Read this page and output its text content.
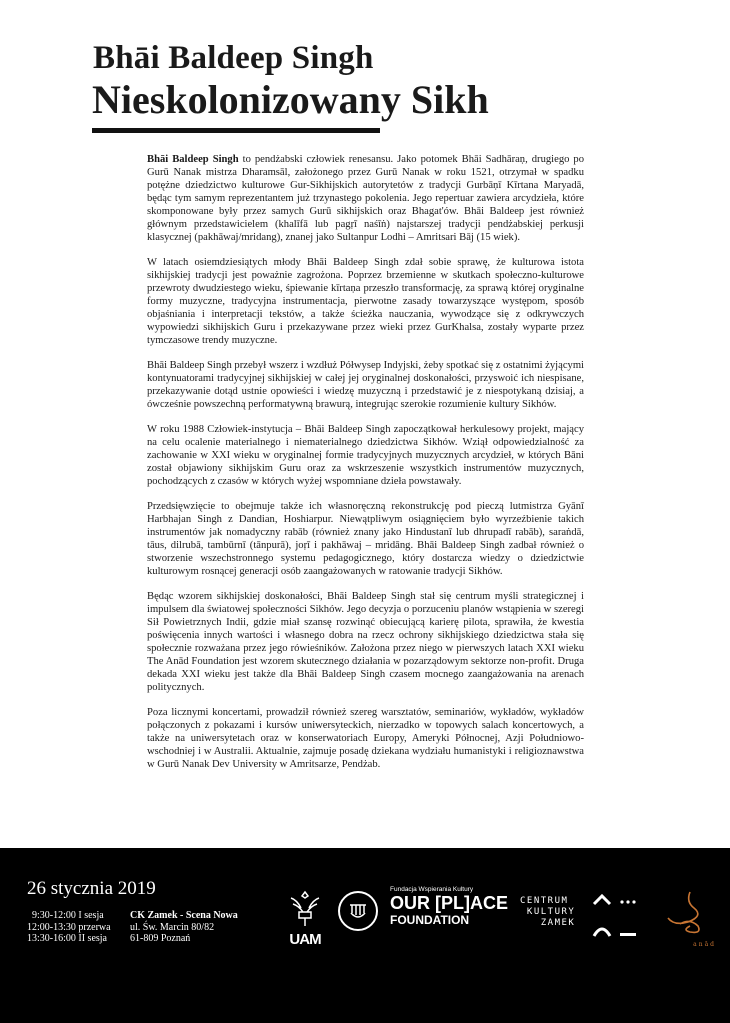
Bhāi Baldeep Singh
Nieskolonizowany Sikh

Bhāi Baldeep Singh to pendżabski człowiek renesansu. Jako potomek Bhāi Sadhāraṇ, drugiego po Gurū Nanak mistrza Dharamsāl, założonego przez Gurū Nanak w roku 1521, otrzymał w spadku potężne dziedzictwo kulturowe Gur-Sikhijskich autorytetów z tradycji Gurbāṇī Kīrtana Maryadā, będąc tym samym reprezentantem już trzynastego pokolenia. Jego repertuar zawiera arcydzieła, które skomponowane były przez samych Gurū sikhijskich oraz Bhagat'ów. Bhāi Baldeep jest również głównym przedstawicielem (khalīfā lub pagṛī naśīṅ) najstarszej tradycji pendżabskiej perkusji klasycznej (pakhāwaj/mridang), znanej jako Sultanpur Lodhi – Amritsari Bāj (15 wiek).

W latach osiemdziesiątych młody Bhāi Baldeep Singh zdał sobie sprawę, że kulturowa istota sikhijskiej tradycji jest poważnie zagrożona. Poprzez brzemienne w skutkach społeczno-kulturowe przewroty dwudziestego wieku, śpiewanie kīrtaṇa przeszło transformację, za sprawą której oryginalne formy muzyczne, tradycyjna instrumentacja, pierwotne zasady towarzyszące występom, sposób objaśniania i interpretacji tekstów, a także ścieżka nauczania, wywodzące się z odkrywczych wypowiedzi sikhijskich Guru i przekazywane przez wieki przez GurKhalsa, zostały wyparte przez tymczasowe trendy muzyczne.

Bhāi Baldeep Singh przebył wszerz i wzdłuż Półwysep Indyjski, żeby spotkać się z ostatnimi żyjącymi kontynuatorami tradycyjnej sikhijskiej w całej jej oryginalnej doskonałości, przyswoić ich niespisane, przekazywanie dotąd ustnie opowieści i wiedzę muzyczną i przedstawić je z niespotykaną dzisiaj, a ówcześnie powszechną performatywną brawurą, integrując szerokie rozumienie kultury Sikhów.

W roku 1988 Człowiek-instytucja – Bhāi Baldeep Singh zapoczątkował herkulesowy projekt, mający na celu ocalenie materialnego i niematerialnego dziedzictwa Sikhów. Wziął odpowiedzialność za zachowanie w XXI wieku w oryginalnej formie tradycyjnych muzycznych arcydzieł, w których Bāni został objawiony sikhijskim Guru oraz za wskrzeszenie wszystkich instrumentów muzycznych, pochodzących z czasów w których wyżej wspomniane dzieła powstawały.

Przedsięwzięcie to obejmuje także ich własnoręczną rekonstrukcję pod pieczą lutmistrza Gyānī Harbhajan Singh z Dandian, Hoshiarpur. Niewątpliwym osiągnięciem było wyrzeźbienie takich instrumentów jak nomadyczny rabāb (również znany jako Hindustanī lub dhrupadī rabāb), saraṅdā, tāus, dilrubā, tambūrnī (tānpurā), joṛī i pakhāwaj – mridāng. Bhāi Baldeep Singh zadbał również o stworzenie wszechstronnego systemu pedagogicznego, który dostarcza wiedzy o dziedzictwie kulturowym rosnącej generacji osób zaangażowanych w ratowanie tradycji Sikhów.

Będąc wzorem sikhijskiej doskonałości, Bhāi Baldeep Singh stał się centrum myśli strategicznej i impulsem dla światowej społeczności Sikhów. Jego decyzja o porzuceniu planów wstąpienia w szeregi Sił Powietrznych Indii, gdzie miał szansę rozwinąć obiecującą karierę pilota, sprawiła, że kwestia poświęcenia innych wartości i własnego dobra na rzecz ochrony sikhijskiego dziedzictwa stała się społecznie rozważana przez jego rówieśników. Założona przez niego w pierwszych latach XXI wieku The Anād Foundation jest wzorem skutecznego działania w pozarządowym sektorze non-profit. Druga dekada XXI wieku jest także dla Bhāi Baldeep Singh czasem mocnego zaangażowania na arenach politycznych.

Poza licznymi koncertami, prowadził również szereg warsztatów, seminariów, wykładów, wykładów połączonych z pokazami i kursów uniwersyteckich, nierzadko w topowych salach koncertowych, a także na uniwersytetach oraz w konserwatoriach Europy, Ameryki Północnej, Azji Południowo-wschodniej i w Australii. Aktualnie, zajmuje posadę dziekana wydziału humanistyki i religioznawstwa w Gurū Nanak Dev University w Amritsarze, Pendżab.

26 stycznia 2019
9:30-12:00 I sesja
12:00-13:30 przerwa
13:30-16:00 II sesja
CK Zamek - Scena Nowa
ul. Św. Marcin 80/82
61-809 Poznań	UAM
Fundacja Wspierania Kultury
OUR [PL]ACE
FOUNDATION
CENTRUM
KULTURY
ZAMEK
anād
